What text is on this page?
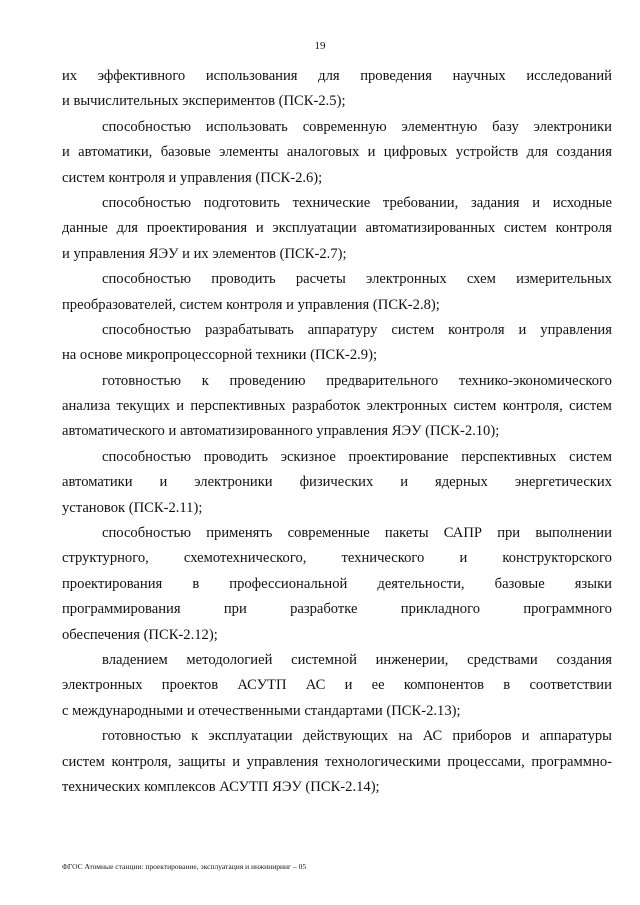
19
их эффективного использования для проведения научных исследований
и вычислительных экспериментов (ПСК-2.5);
способностью использовать современную элементную базу электроники
и автоматики, базовые элементы аналоговых и цифровых устройств для создания
систем контроля и управления (ПСК-2.6);
способностью подготовить технические требовании, задания и исходные
данные для проектирования и эксплуатации автоматизированных систем контроля
и управления ЯЭУ и их элементов (ПСК-2.7);
способностью проводить расчеты электронных схем измерительных
преобразователей, систем контроля и управления (ПСК-2.8);
способностью разрабатывать аппаратуру систем контроля и управления
на основе микропроцессорной техники (ПСК-2.9);
готовностью к проведению предварительного технико-экономического
анализа текущих и перспективных разработок электронных систем контроля, систем
автоматического и автоматизированного управления ЯЭУ (ПСК-2.10);
способностью проводить эскизное проектирование перспективных систем
автоматики и электроники физических и ядерных энергетических
установок (ПСК-2.11);
способностью применять современные пакеты САПР при выполнении
структурного, схемотехнического, технического и конструкторского
проектирования в профессиональной деятельности, базовые языки
программирования	при	разработке	прикладного	программного
обеспечения (ПСК-2.12);
владением методологией системной инженерии, средствами создания
электронных проектов АСУТП АС и ее компонентов в соответствии
с международными и отечественными стандартами (ПСК-2.13);
готовностью к эксплуатации действующих на АС приборов и аппаратуры
систем контроля, защиты и управления технологическими процессами, программно-
технических комплексов АСУТП ЯЭУ (ПСК-2.14);
ФГОС Атомные станции: проектирование, эксплуатация и инжиниринг – 05
